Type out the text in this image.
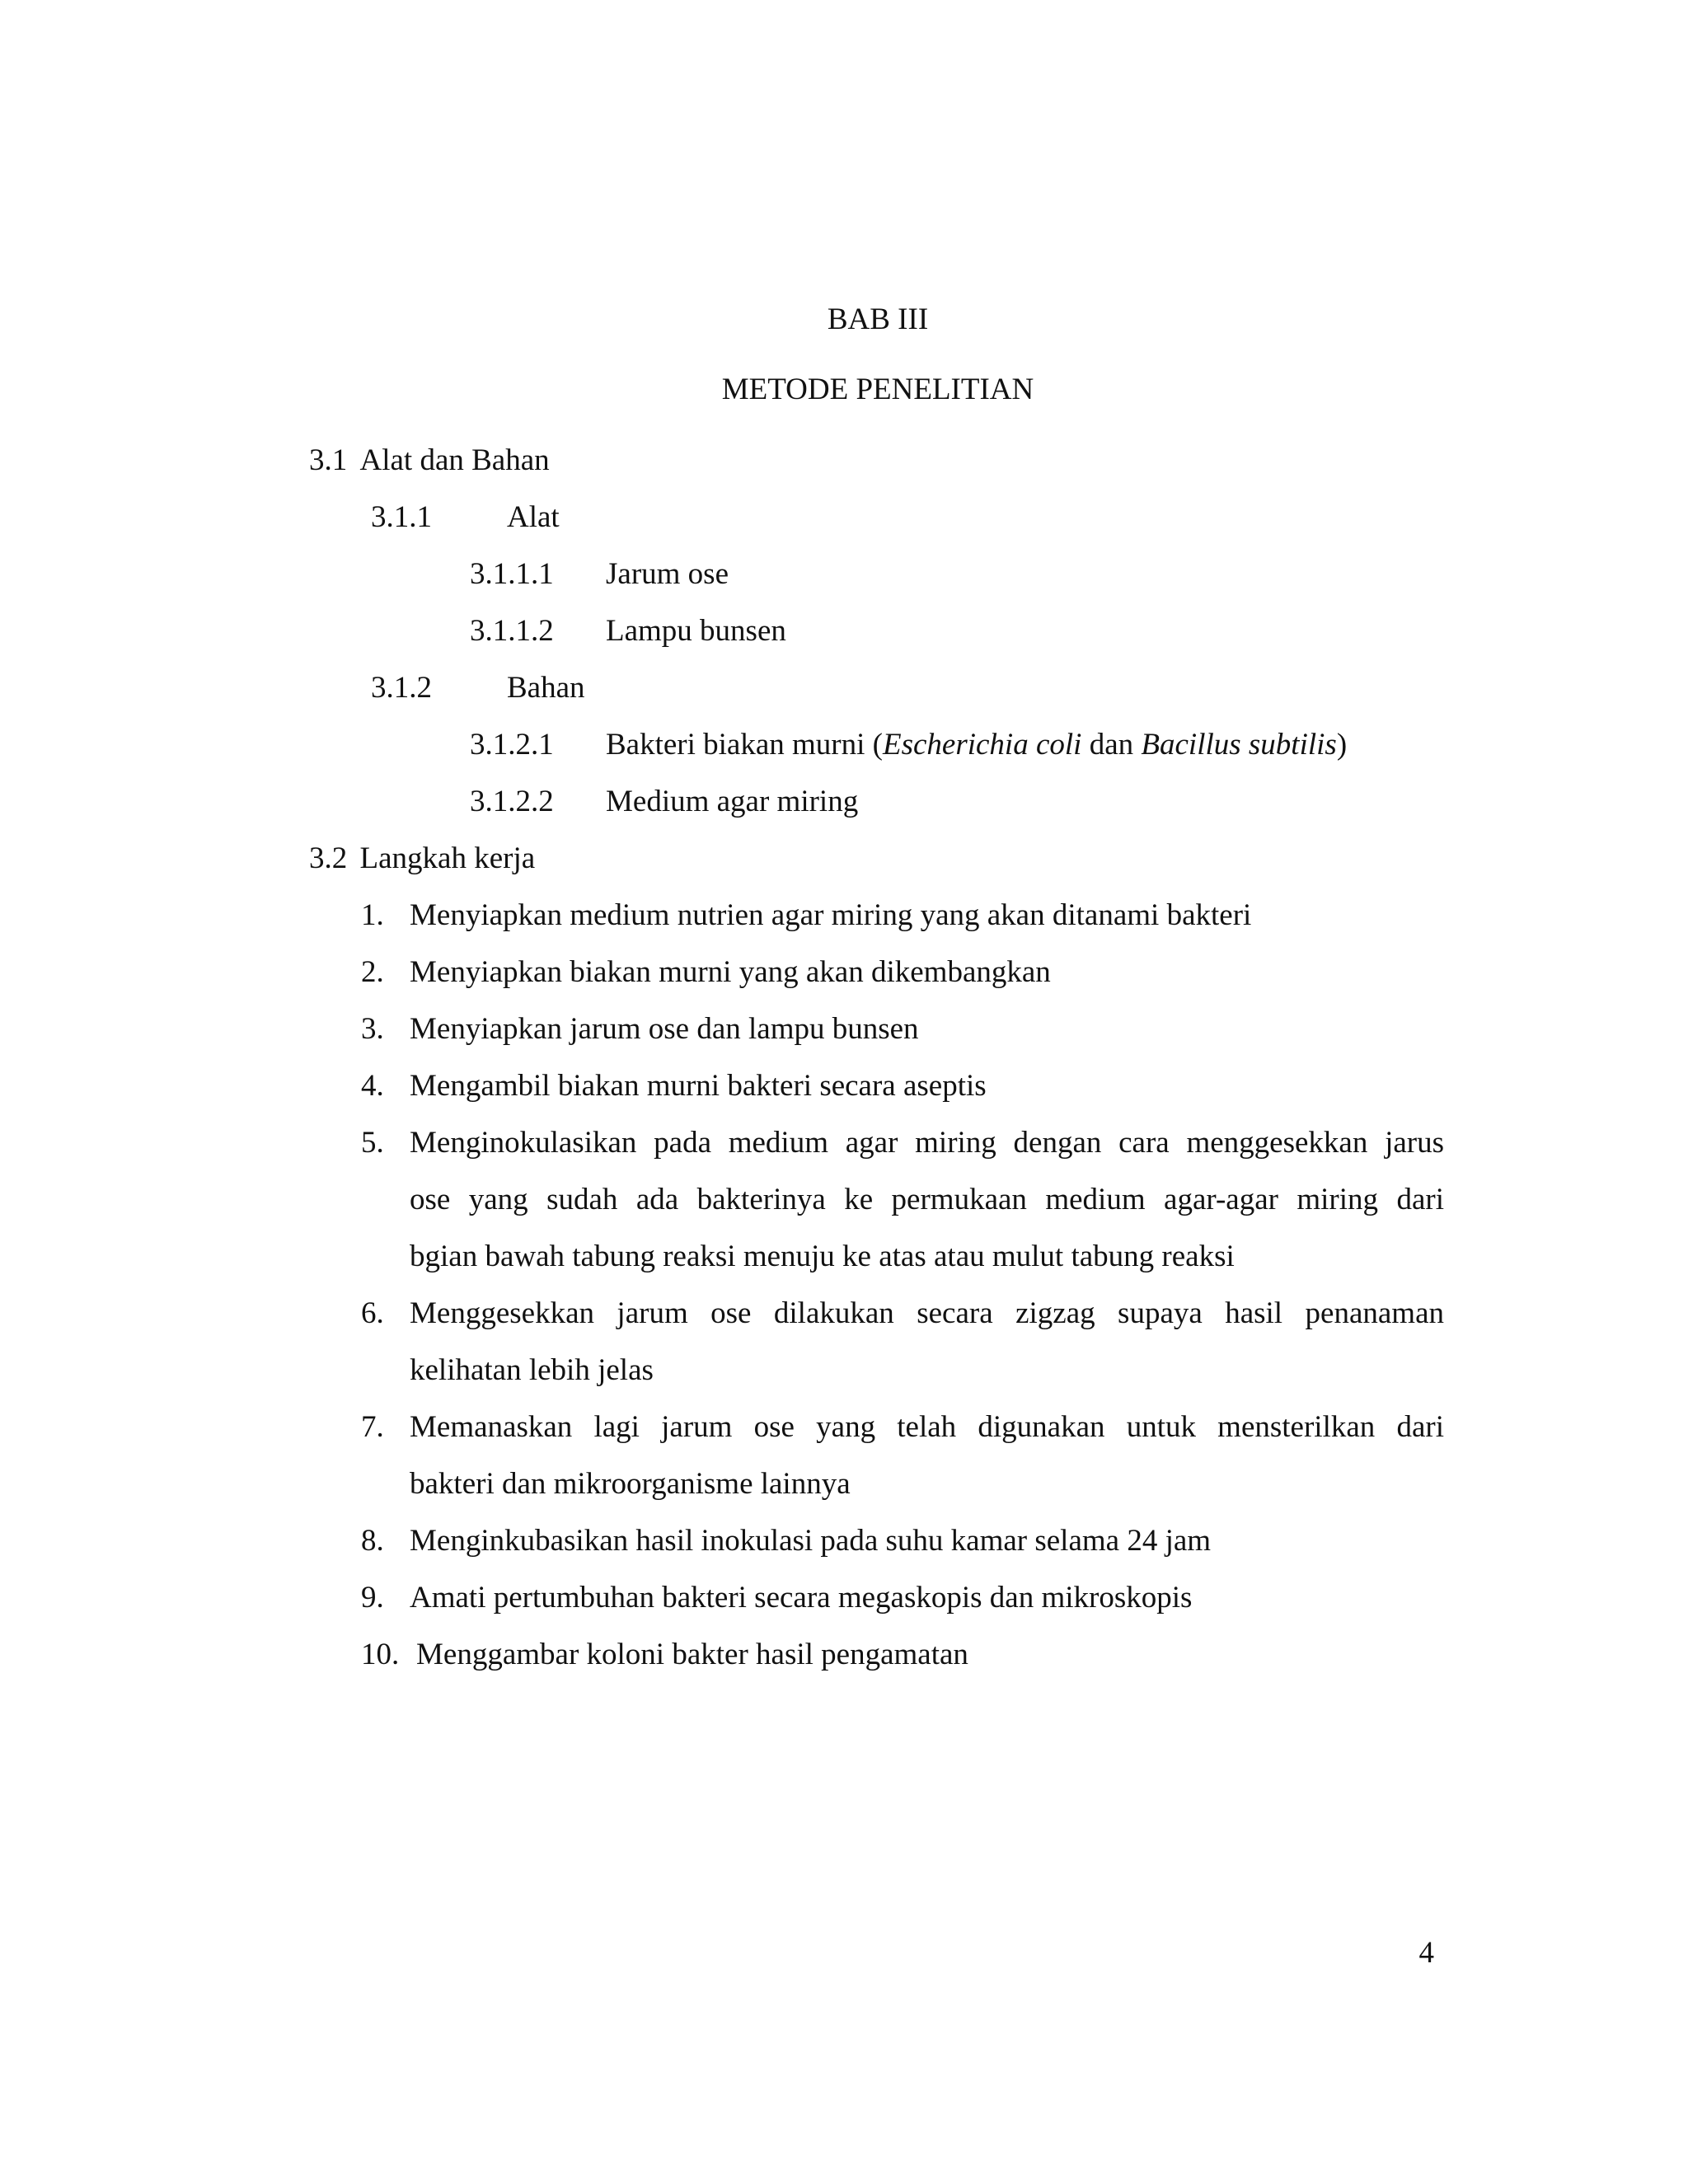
BAB III
METODE PENELITIAN
3.1 Alat dan Bahan
3.1.1 Alat
3.1.1.1 Jarum ose
3.1.1.2 Lampu bunsen
3.1.2 Bahan
3.1.2.1 Bakteri biakan murni (Escherichia coli dan Bacillus subtilis)
3.1.2.2 Medium agar miring
3.2 Langkah kerja
1. Menyiapkan medium nutrien agar miring yang akan ditanami bakteri
2. Menyiapkan biakan murni yang akan dikembangkan
3. Menyiapkan jarum ose dan lampu bunsen
4. Mengambil biakan murni bakteri secara aseptis
5. Menginokulasikan pada medium agar miring dengan cara menggesekkan jarus
ose yang sudah ada bakterinya ke permukaan medium agar-agar miring dari
bgian bawah tabung reaksi menuju ke atas atau mulut tabung reaksi
6. Menggesekkan jarum ose dilakukan secara zigzag supaya hasil penanaman
kelihatan lebih jelas
7. Memanaskan lagi jarum ose yang telah digunakan untuk mensterilkan dari
bakteri dan mikroorganisme lainnya
8. Menginkubasikan hasil inokulasi pada suhu kamar selama 24 jam
9. Amati pertumbuhan bakteri secara megaskopis dan mikroskopis
10. Menggambar koloni bakter hasil pengamatan
4
